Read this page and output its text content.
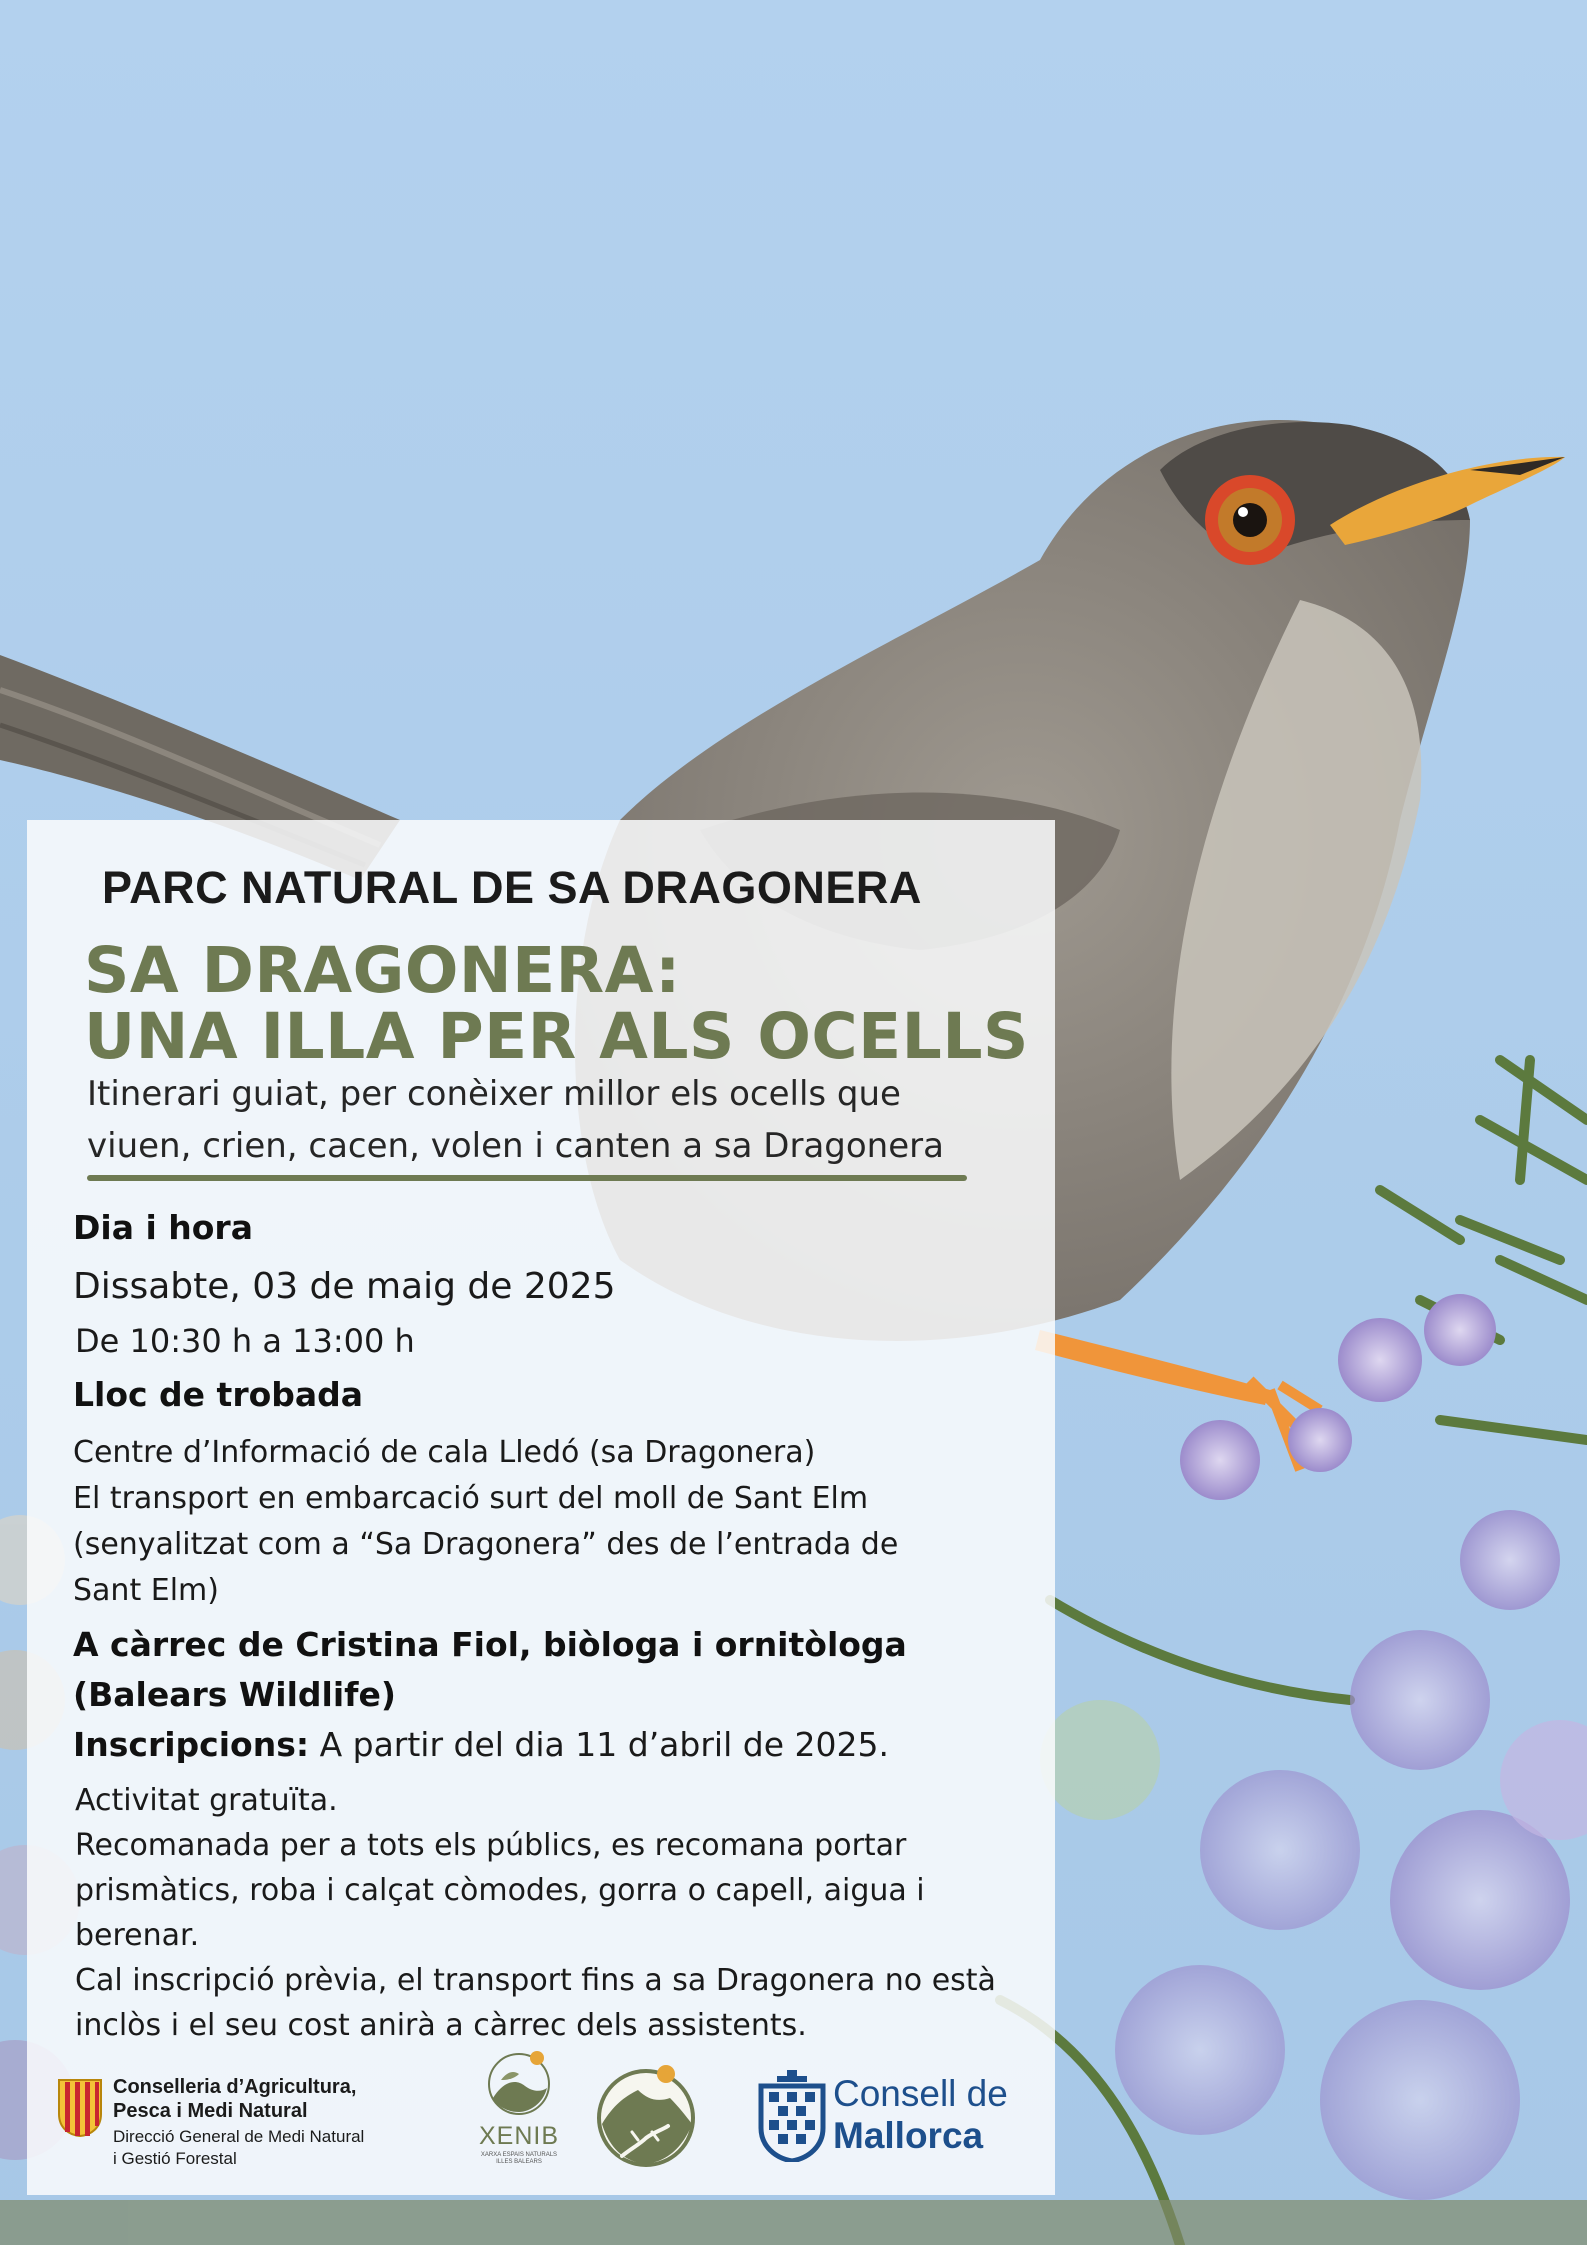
PARC NATURAL DE SA DRAGONERA

SA DRAGONERA:
UNA ILLA PER ALS OCELLS
Itinerari guiat, per conèixer millor els ocells que
viuen, crien, cacen, volen i canten a sa Dragonera
Dia i hora
Dissabte, 03 de maig de 2025
De 10:30 h a 13:00 h
Lloc de trobada
Centre d’Informació de cala Lledó (sa Dragonera)
El transport en embarcació surt del moll de Sant Elm
(senyalitzat com a “Sa Dragonera” des de l’entrada de
Sant Elm)
A càrrec de Cristina Fiol, biòloga i ornitòloga
(Balears Wildlife)
Inscripcions: A partir del dia 11 d’abril de 2025.
Activitat gratuïta.
Recomanada per a tots els públics, es recomana portar
prismàtics, roba i calçat còmodes, gorra o capell, aigua i
berenar.
Cal inscripció prèvia, el transport fins a sa Dragonera no està
inclòs i el seu cost anirà a càrrec dels assistents.
Conselleria d’Agricultura,
Pesca i Medi Natural
Direcció General de Medi Natural
i Gestió Forestal
XENIB
XARXA ESPAIS NATURALS
ILLES BALEARS
Consell de
Mallorca
